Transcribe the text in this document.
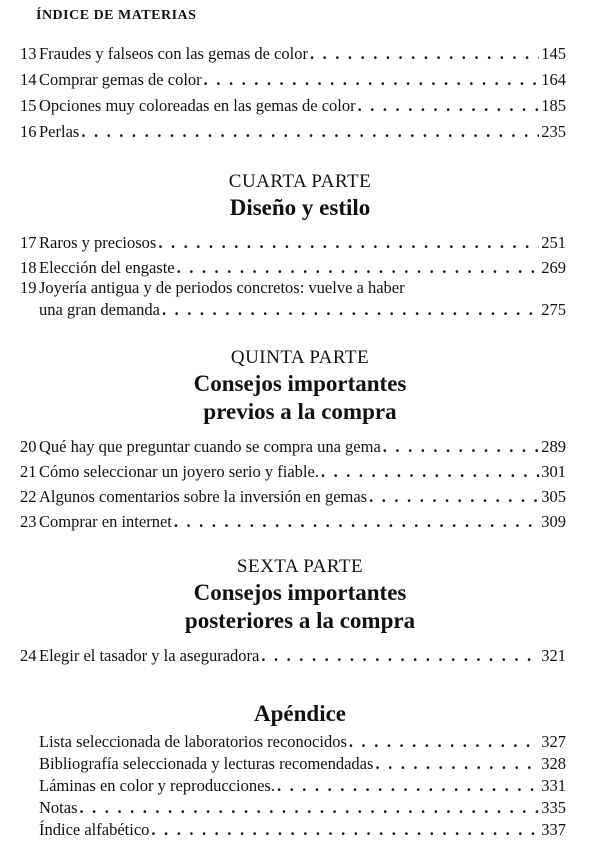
ÍNDICE DE MATERIAS
13 Fraudes y falseos con las gemas de color . . .	145
14 Comprar gemas de color . . .	164
15 Opciones muy coloreadas en las gemas de color . . .	185
16 Perlas . . .	235
CUARTA PARTE
Diseño y estilo
17 Raros y preciosos . . .	251
18 Elección del engaste . . .	269
19 Joyería antigua y de periodos concretos: vuelve a haber
una gran demanda . . .	275
QUINTA PARTE
Consejos importantes
previos a la compra
20 Qué hay que preguntar cuando se compra una gema . . .	289
21 Cómo seleccionar un joyero serio y fiable. . . .	301
22 Algunos comentarios sobre la inversión en gemas . . .	305
23 Comprar en internet . . .	309
SEXTA PARTE
Consejos importantes
posteriores a la compra
24 Elegir el tasador y la aseguradora . . .	321
Apéndice
Lista seleccionada de laboratorios reconocidos . . .	327
Bibliografía seleccionada y lecturas recomendadas . . .	328
Láminas en color y reproducciones. . . .	331
Notas . . .	335
Índice alfabético . . .	337
